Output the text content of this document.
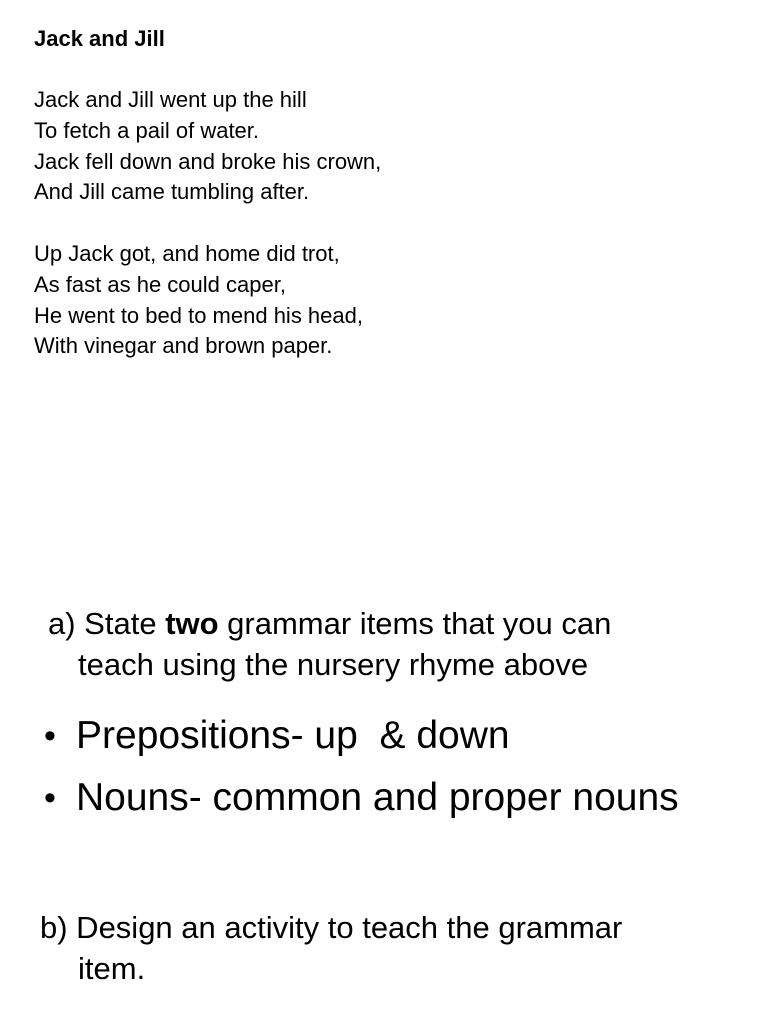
Jack and Jill
Jack and Jill went up the hill
To fetch a pail of water.
Jack fell down and broke his crown,
And Jill came tumbling after.
Up Jack got, and home did trot,
As fast as he could caper,
He went to bed to mend his head,
With vinegar and brown paper.
a) State two grammar items that you can
teach using the nursery rhyme above
• Prepositions- up  & down
• Nouns- common and proper nouns
b) Design an activity to teach the grammar
item.
